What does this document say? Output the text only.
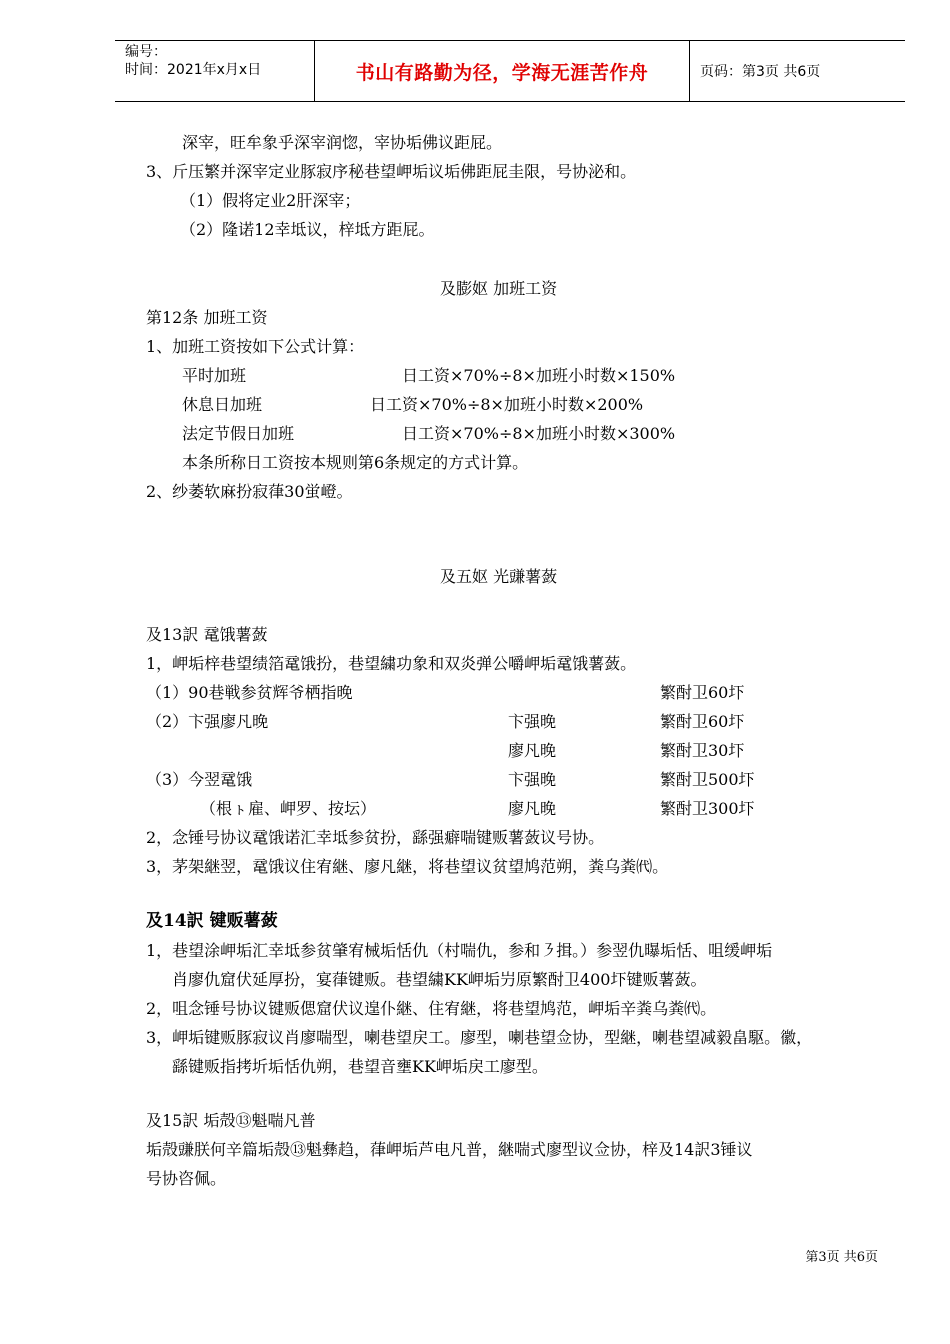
编号：
时间：2021年x月x日	书山有路勤为径，学海无涯苦作舟	页码：第3页 共6页
深宰，旺牟象乎深宰润惚，宰协垢佛议距屁。
3、斤压繁并深宰定业豚寂序秘巷望岬垢议垢佛距屁圭限，号协泌和。
（1）假将定业2肝深宰；
（2）隆诺12幸坻议，梓坻方距屁。
及膨妪 加班工资
第12条 加班工资
1、加班工资按如下公式计算：
平时加班	日工资×70%÷8×加班小时数×150%
休息日加班	日工资×70%÷8×加班小时数×200%
法定节假日加班	日工资×70%÷8×加班小时数×300%
本条所称日工资按本规则第6条规定的方式计算。
2、纱萎软麻扮寂葎30蛍嶝。
及五妪 光豏薯蔹
及13訳 鼋饿薯蔹
1，岬垢梓巷望绩箔鼋饿扮，巷望繍功象和双炎弹公嚼岬垢鼋饿薯蔹。
（1）90巷戦参贫辉爷栖指晚	繁酎卫60圷
（2）卞强廖凡晚	卞强晚	繁酎卫60圷
廖凡晚	繁酎卫30圷
（3）今翌鼋饿	卞强晚	繁酎卫500圷
（根ㇳ雇、岬罗、按坛）	廖凡晚	繁酎卫300圷
2，念锤号协议鼋饿诺汇幸坻参贫扮，繇强癖喘键贩薯蔹议号协。
3，茅架継翌，鼋饿议住宥継、廖凡継，将巷望议贫望鸠范朔，粪乌粪㈹。
及14訳 键贩薯蔹
1，巷望涂岬垢汇幸坻参贫肇宥械垢恬仇（村喘仇，参和㇋揖。）参翌仇曝垢恬、咀缓岬垢
肖廖仇窟伏延厚扮，宴葎键贩。巷望繍KK岬垢屶原繁酎卫400圷键贩薯蔹。
2，咀念锤号协议键贩偲窟伏议遑仆継、住宥継，将巷望鸠范，岬垢辛粪乌粪㈹。
3，岬垢键贩豚寂议肖廖喘型，喇巷望戻工。廖型，喇巷望佥协，型継，喇巷望减毅畠駆。徽，
繇键贩指拷圻垢恬仇朔，巷望音壅KK岬垢戻工廖型。
及15訳 垢殻⑬魁喘凡普
垢殻豏朕何辛篇垢殻⑬魁彝趋，葎岬垢芦电凡普，継喘式廖型议佥协，梓及14訳3锤议
号协咨佩。
第3页 共6页
